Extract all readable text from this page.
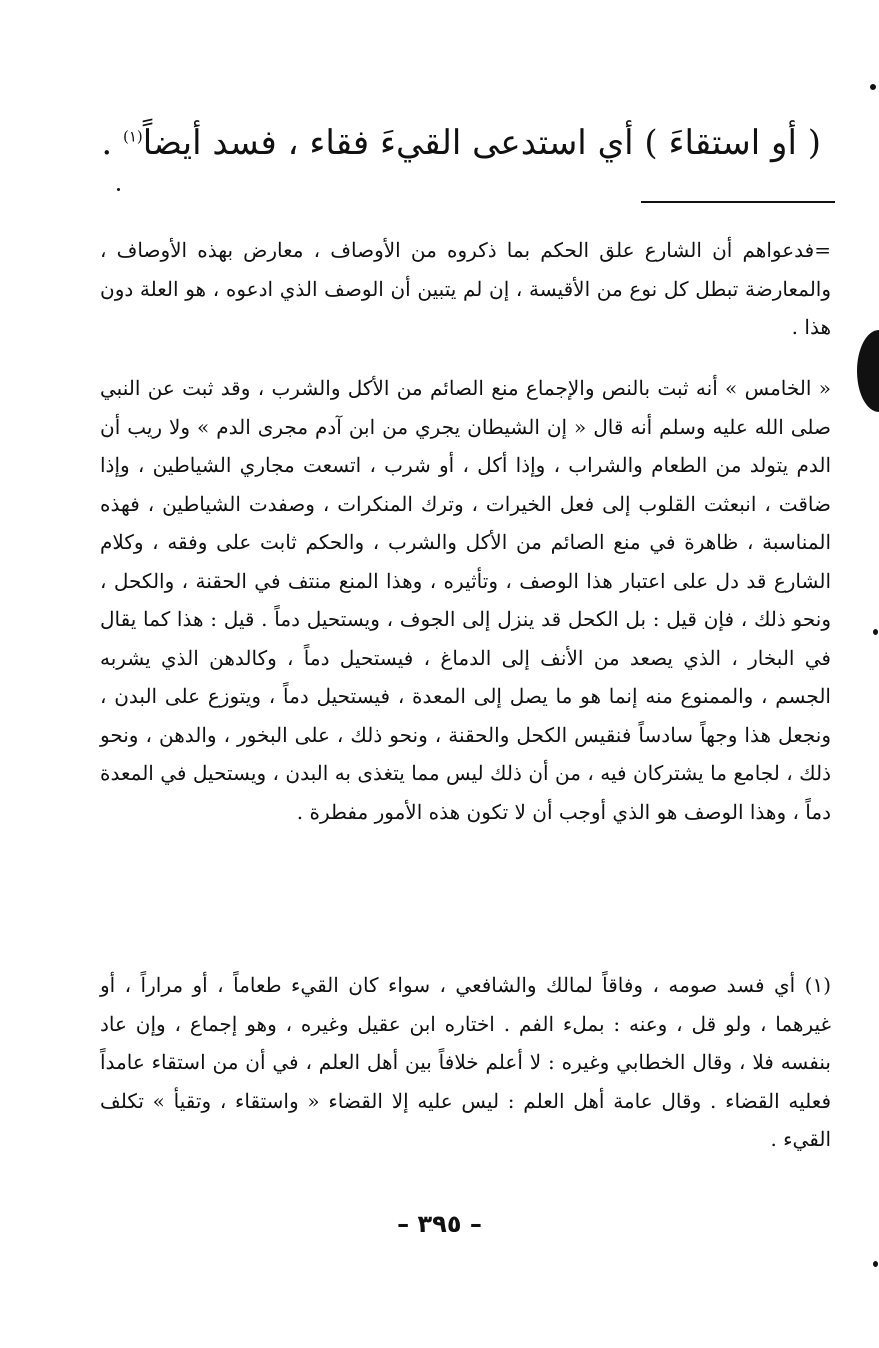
( أو استقاءَ ) أي استدعى القيءَ فقاء ، فسد أيضاً$^{(١)}$ .
=فدعواهم أن الشارع علق الحكم بما ذكروه من الأوصاف ، معارض بهذه الأوصاف ، والمعارضة تبطل كل نوع من الأقيسة ، إن لم يتبين أن الوصف الذي ادعوه ، هو العلة دون هذا .
« الخامس » أنه ثبت بالنص والإجماع منع الصائم من الأكل والشرب ، وقد ثبت عن النبي صلى الله عليه وسلم أنه قال « إن الشيطان يجري من ابن آدم مجرى الدم » ولا ريب أن الدم يتولد من الطعام والشراب ، وإذا أكل ، أو شرب ، اتسعت مجاري الشياطين ، وإذا ضاقت ، انبعثت القلوب إلى فعل الخيرات ، وترك المنكرات ، وصفدت الشياطين ، فهذه المناسبة ، ظاهرة في منع الصائم من الأكل والشرب ، والحكم ثابت على وفقه ، وكلام الشارع قد دل على اعتبار هذا الوصف ، وتأثيره ، وهذا المنع منتف في الحقنة ، والكحل ، ونحو ذلك ، فإن قيل : بل الكحل قد ينزل إلى الجوف ، ويستحيل دماً . قيل : هذا كما يقال في البخار ، الذي يصعد من الأنف إلى الدماغ ، فيستحيل دماً ، وكالدهن الذي يشربه الجسم ، والممنوع منه إنما هو ما يصل إلى المعدة ، فيستحيل دماً ، ويتوزع على البدن ، ونجعل هذا وجهاً سادساً فنقيس الكحل والحقنة ، ونحو ذلك ، على البخور ، والدهن ، ونحو ذلك ، لجامع ما يشتركان فيه ، من أن ذلك ليس مما يتغذى به البدن ، ويستحيل في المعدة دماً ، وهذا الوصف هو الذي أوجب أن لا تكون هذه الأمور مفطرة .
(١) أي فسد صومه ، وفاقاً لمالك والشافعي ، سواء كان القيء طعاماً ، أو مراراً ، أو غيرهما ، ولو قل ، وعنه : بملء الفم . اختاره ابن عقيل وغيره ، وهو إجماع ، وإن عاد بنفسه فلا ، وقال الخطابي وغيره : لا أعلم خلافاً بين أهل العلم ، في أن من استقاء عامداً فعليه القضاء . وقال عامة أهل العلم : ليس عليه إلا القضاء « واستقاء ، وتقيأ » تكلف القيء .
– ٣٩٥ –
